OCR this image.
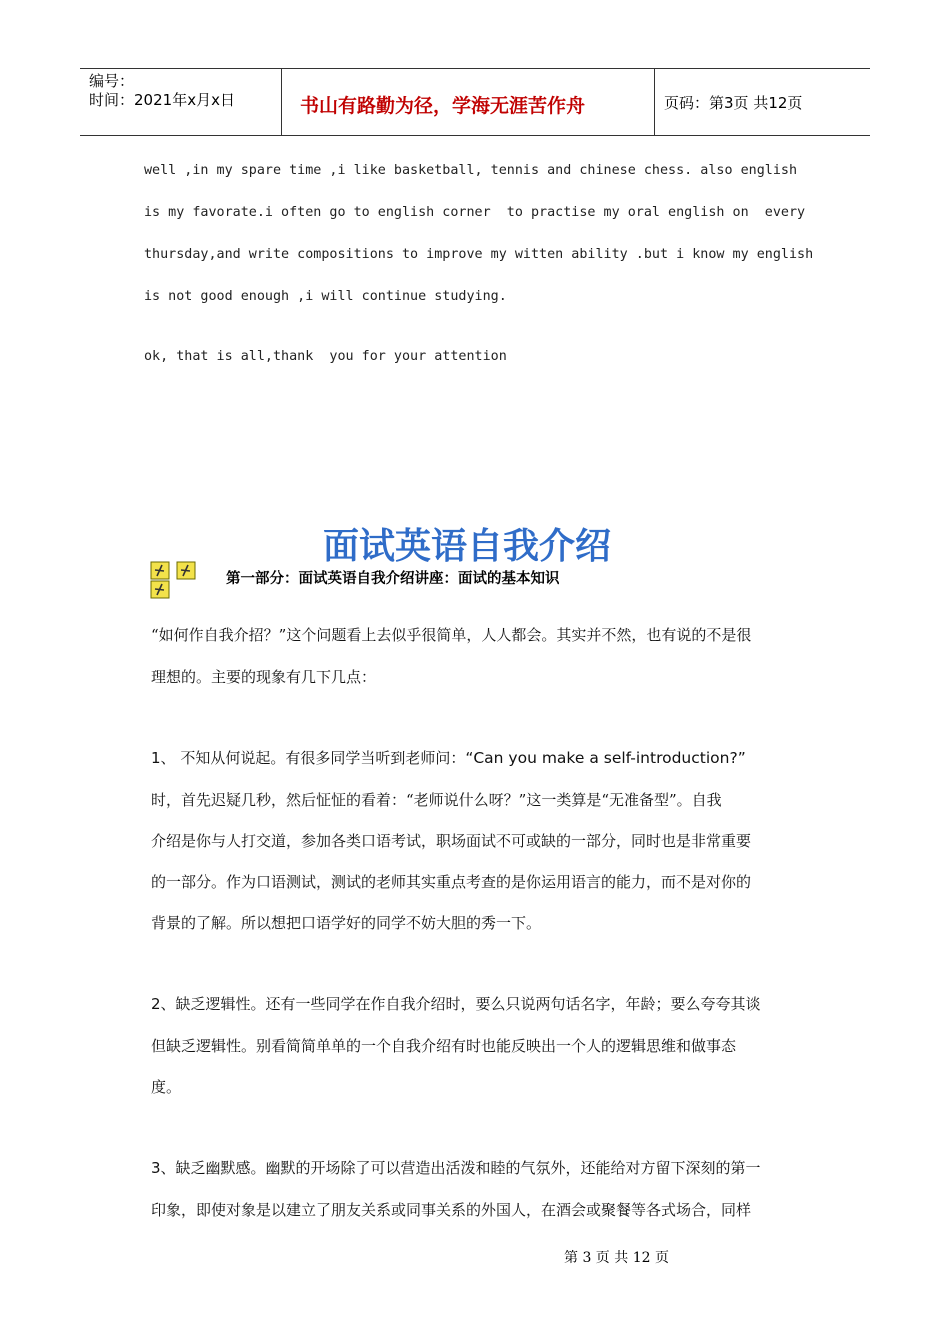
编号：
时间：2021年x月x日	书山有路勤为径，学海无涯苦作舟	页码：第3页 共12页
well ,in my spare time ,i like basketball, tennis and chinese chess. also english
is my favorate.i often go to english corner  to practise my oral english on  every
thursday,and write compositions to improve my witten ability .but i know my english
is not good enough ,i will continue studying.
ok, that is all,thank  you for your attention
面试英语自我介绍
第一部分：面试英语自我介绍讲座：面试的基本知识
“如何作自我介招？”这个问题看上去似乎很简单，人人都会。其实并不然，也有说的不是很
理想的。主要的现象有几下几点：
1、 不知从何说起。有很多同学当听到老师问：“Can you make a self-introduction?”
时，首先迟疑几秒，然后怔怔的看着：“老师说什么呀？”这一类算是“无准备型”。自我
介绍是你与人打交道，参加各类口语考试，职场面试不可或缺的一部分，同时也是非常重要
的一部分。作为口语测试，测试的老师其实重点考查的是你运用语言的能力，而不是对你的
背景的了解。所以想把口语学好的同学不妨大胆的秀一下。
2、缺乏逻辑性。还有一些同学在作自我介绍时，要么只说两句话名字，年龄；要么夸夸其谈
但缺乏逻辑性。别看简简单单的一个自我介绍有时也能反映出一个人的逻辑思维和做事态
度。
3、缺乏幽默感。幽默的开场除了可以营造出活泼和睦的气氛外，还能给对方留下深刻的第一
印象，即使对象是以建立了朋友关系或同事关系的外国人，在酒会或聚餐等各式场合，同样
第 3 页 共 12 页
